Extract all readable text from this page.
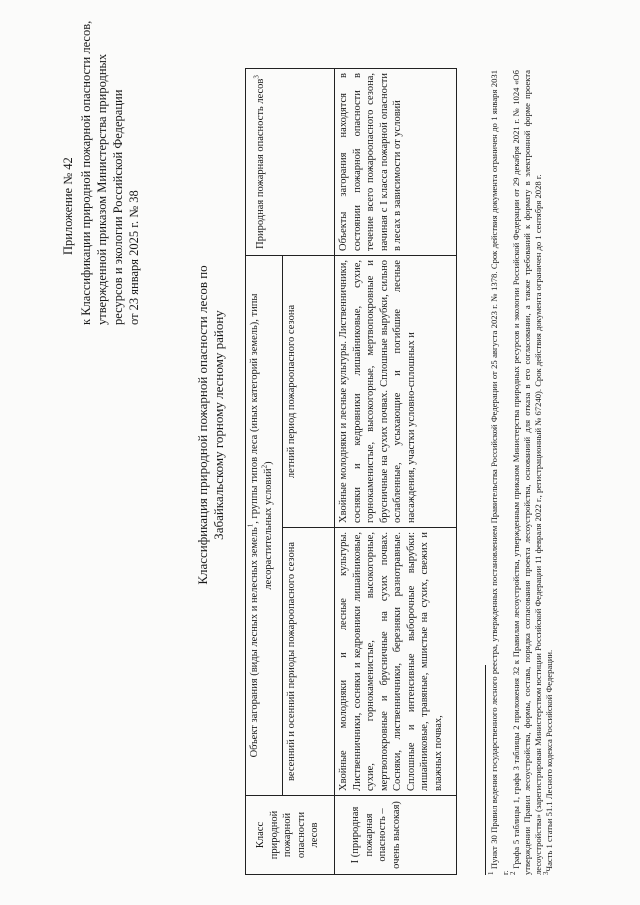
Приложение № 42 к Классификации природной пожарной опасности лесов, утвержденной приказом Министерства природных ресурсов и экологии Российской Федерации от 23 января 2025 г. № 38
Классификация природной пожарной опасности лесов по Забайкальскому горному лесному району
Класс природной пожарной опасности лесов
Объект загорания (виды лесных и нелесных земель$^1$, группы типов леса (иных категорий земель), типы лесорастительных условий$^2$)
весенний и осенний периоды пожароопасного сезона
летний период пожароопасного сезона
Природная пожарная опасность лесов$^3$
I (природная пожарная опасность – очень высокая)
Хвойные молодняки и лесные культуры. Лиственничники, сосняки и кедровники лишайниковые, сухие, горнокаменистые, высокогорные, мертвопокровные и брусничные на сухих почвах. Сосняки, лиственничники, березняки разнотравные. Сплошные и интенсивные выборочные вырубки: лишайниковые, травяные, мшистые на сухих, свежих и влажных почвах,
Хвойные молодняки и лесные культуры. Лиственничники, сосняки и кедровники лишайниковые, сухие, горнокаменистые, высокогорные, мертвопокровные и брусничные на сухих почвах. Сплошные вырубки, сильно ослабленные, усыхающие и погибшие лесные насаждения, участки условно-сплошных и
Объекты загорания находятся в состоянии пожарной опасности в течение всего пожароопасного сезона, начиная с I класса пожарной опасности в лесах в зависимости от условий

$^1$ Пункт 30 Правил ведения государственного лесного реестра, утвержденных постановлением Правительства Российской Федерации от 25 августа 2023 г. № 1378. Срок действия документа ограничен до 1 января 2031 г. $^2$ Графа 5 таблицы 1, графа 3 таблицы 2 приложения 32 к Правилам лесоустройства, утвержденным приказом Министерства природных ресурсов и экологии Российской Федерации от 29 декабря 2021 г. № 1024 «Об утверждении Правил лесоустройства, формы, состава, порядка согласования проекта лесоустройства, основаниий для отказа в его согласовании, а также требований к формату в электронной форме проекта лесоустройства» (зарегистрирован Министерством юстиции Российской Федерации 11 февраля 2022 г., регистрационный № 67240). Срок действия документа ограничен до 1 сентября 2028 г. $^3$Часть 1 статьи 51.1 Лесного кодекса Российской Федерации.
